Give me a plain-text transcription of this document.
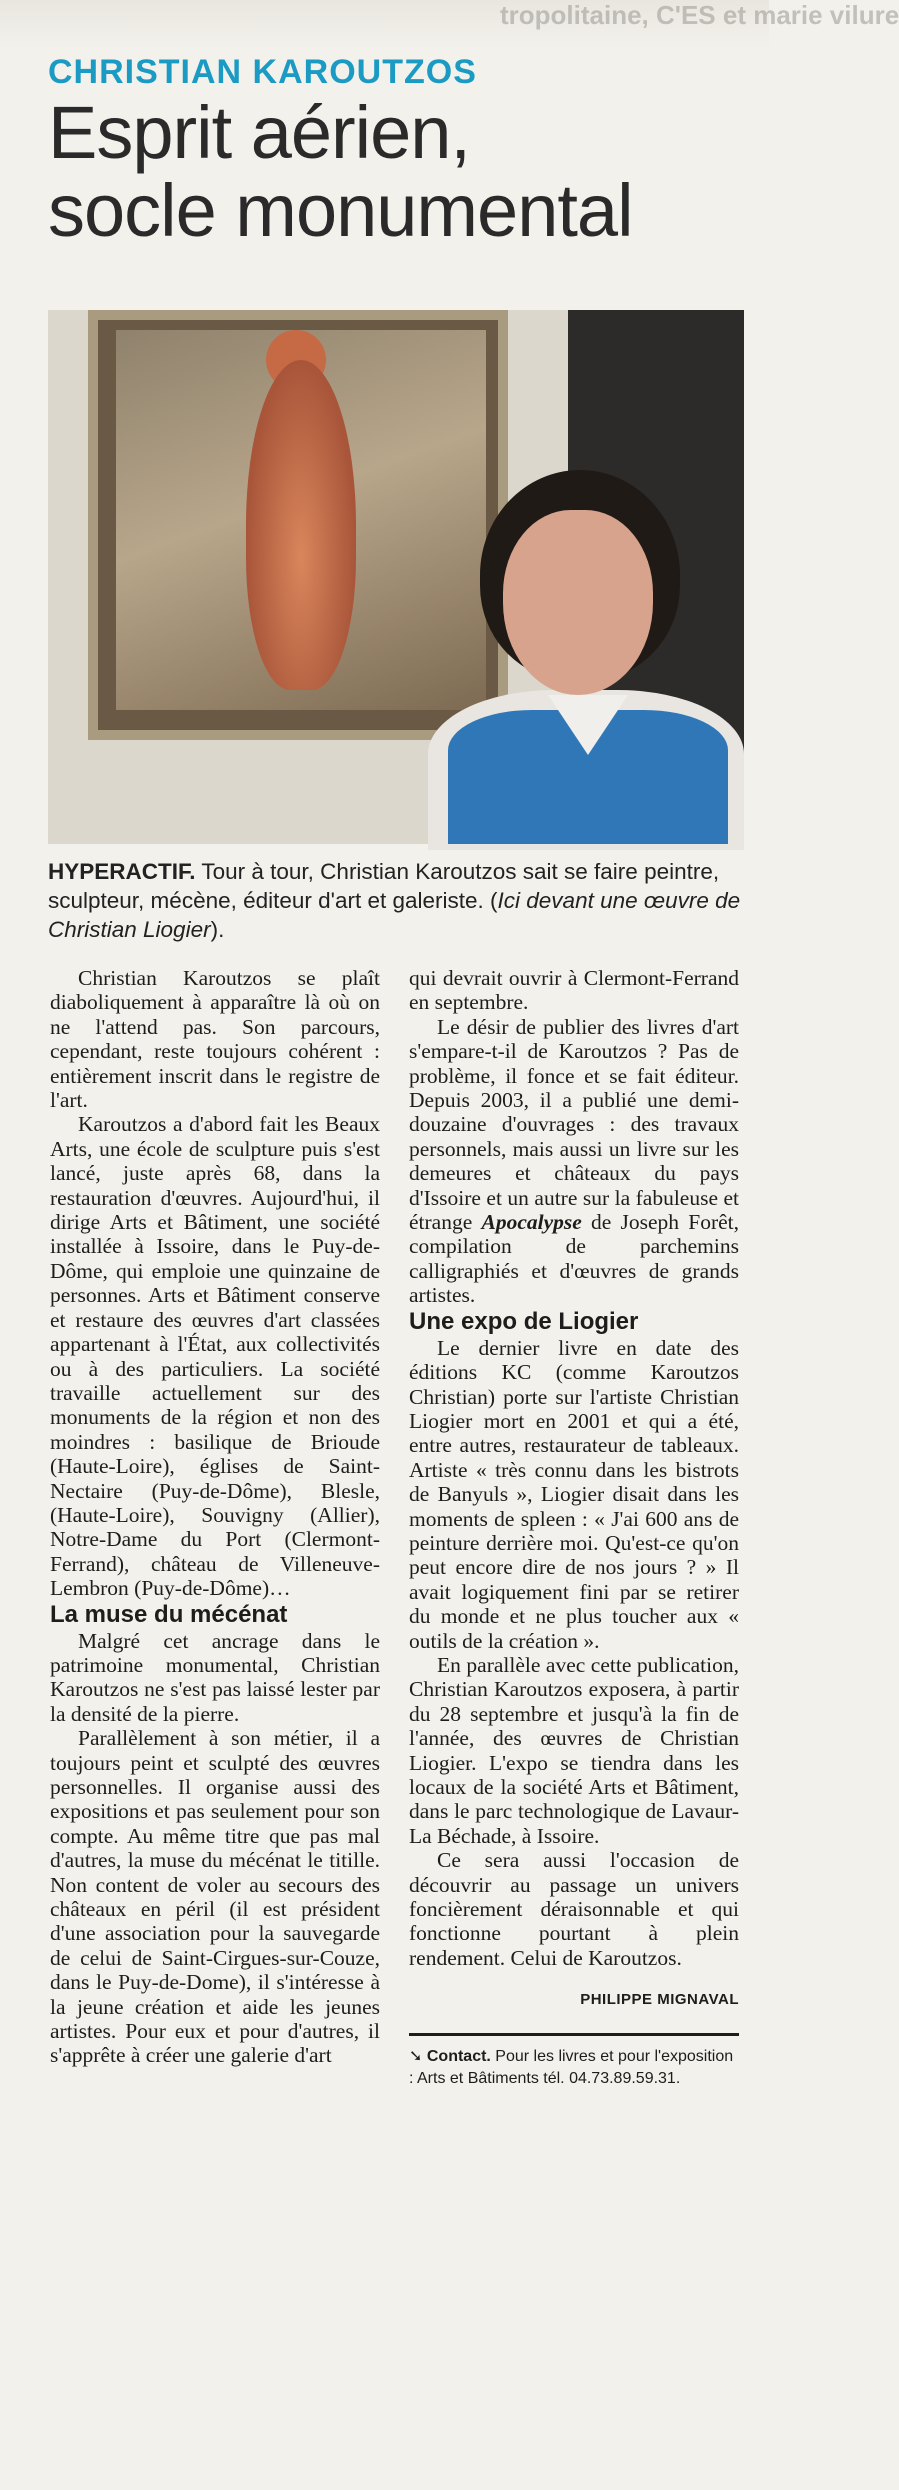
tropolitaine, C'ES et marie vilure
CHRISTIAN KAROUTZOS
Esprit aérien,
socle monumental
HYPERACTIF. Tour à tour, Christian Karoutzos sait se faire peintre, sculpteur, mécène, éditeur d'art et galeriste. (Ici devant une œuvre de Christian Liogier).

Christian Karoutzos se plaît diaboliquement à apparaître là où on ne l'attend pas. Son parcours, cependant, reste toujours cohérent : entièrement inscrit dans le registre de l'art.

Karoutzos a d'abord fait les Beaux Arts, une école de sculpture puis s'est lancé, juste après 68, dans la restauration d'œuvres. Aujourd'hui, il dirige Arts et Bâtiment, une société installée à Issoire, dans le Puy-de-Dôme, qui emploie une quinzaine de personnes. Arts et Bâtiment conserve et restaure des œuvres d'art classées appartenant à l'État, aux collectivités ou à des particuliers. La société travaille actuellement sur des monuments de la région et non des moindres : basilique de Brioude (Haute-Loire), églises de Saint-Nectaire (Puy-de-Dôme), Blesle, (Haute-Loire), Souvigny (Allier), Notre-Dame du Port (Clermont-Ferrand), château de Villeneuve-Lembron (Puy-de-Dôme)…

La muse du mécénat

Malgré cet ancrage dans le patrimoine monumental, Christian Karoutzos ne s'est pas laissé lester par la densité de la pierre.

Parallèlement à son métier, il a toujours peint et sculpté des œuvres personnelles. Il organise aussi des expositions et pas seulement pour son compte. Au même titre que pas mal d'autres, la muse du mécénat le titille. Non content de voler au secours des châteaux en péril (il est président d'une association pour la sauvegarde de celui de Saint-Cirgues-sur-Couze, dans le Puy-de-Dome), il s'intéresse à la jeune création et aide les jeunes artistes. Pour eux et pour d'autres, il s'apprête à créer une galerie d'art

qui devrait ouvrir à Clermont-Ferrand en septembre.

Le désir de publier des livres d'art s'empare-t-il de Karoutzos ? Pas de problème, il fonce et se fait éditeur. Depuis 2003, il a publié une demi-douzaine d'ouvrages : des travaux personnels, mais aussi un livre sur les demeures et châteaux du pays d'Issoire et un autre sur la fabuleuse et étrange Apocalypse de Joseph Forêt, compilation de parchemins calligraphiés et d'œuvres de grands artistes.

Une expo de Liogier

Le dernier livre en date des éditions KC (comme Karoutzos Christian) porte sur l'artiste Christian Liogier mort en 2001 et qui a été, entre autres, restaurateur de tableaux. Artiste « très connu dans les bistrots de Banyuls », Liogier disait dans les moments de spleen : « J'ai 600 ans de peinture derrière moi. Qu'est-ce qu'on peut encore dire de nos jours ? » Il avait logiquement fini par se retirer du monde et ne plus toucher aux « outils de la création ».

En parallèle avec cette publication, Christian Karoutzos exposera, à partir du 28 septembre et jusqu'à la fin de l'année, des œuvres de Christian Liogier. L'expo se tiendra dans les locaux de la société Arts et Bâtiment, dans le parc technologique de Lavaur-La Béchade, à Issoire.

Ce sera aussi l'occasion de découvrir au passage un univers foncièrement déraisonnable et qui fonctionne pourtant à plein rendement. Celui de Karoutzos.

PHILIPPE MIGNAVAL
➘ Contact. Pour les livres et pour l'exposition : Arts et Bâtiments tél. 04.73.89.59.31.
